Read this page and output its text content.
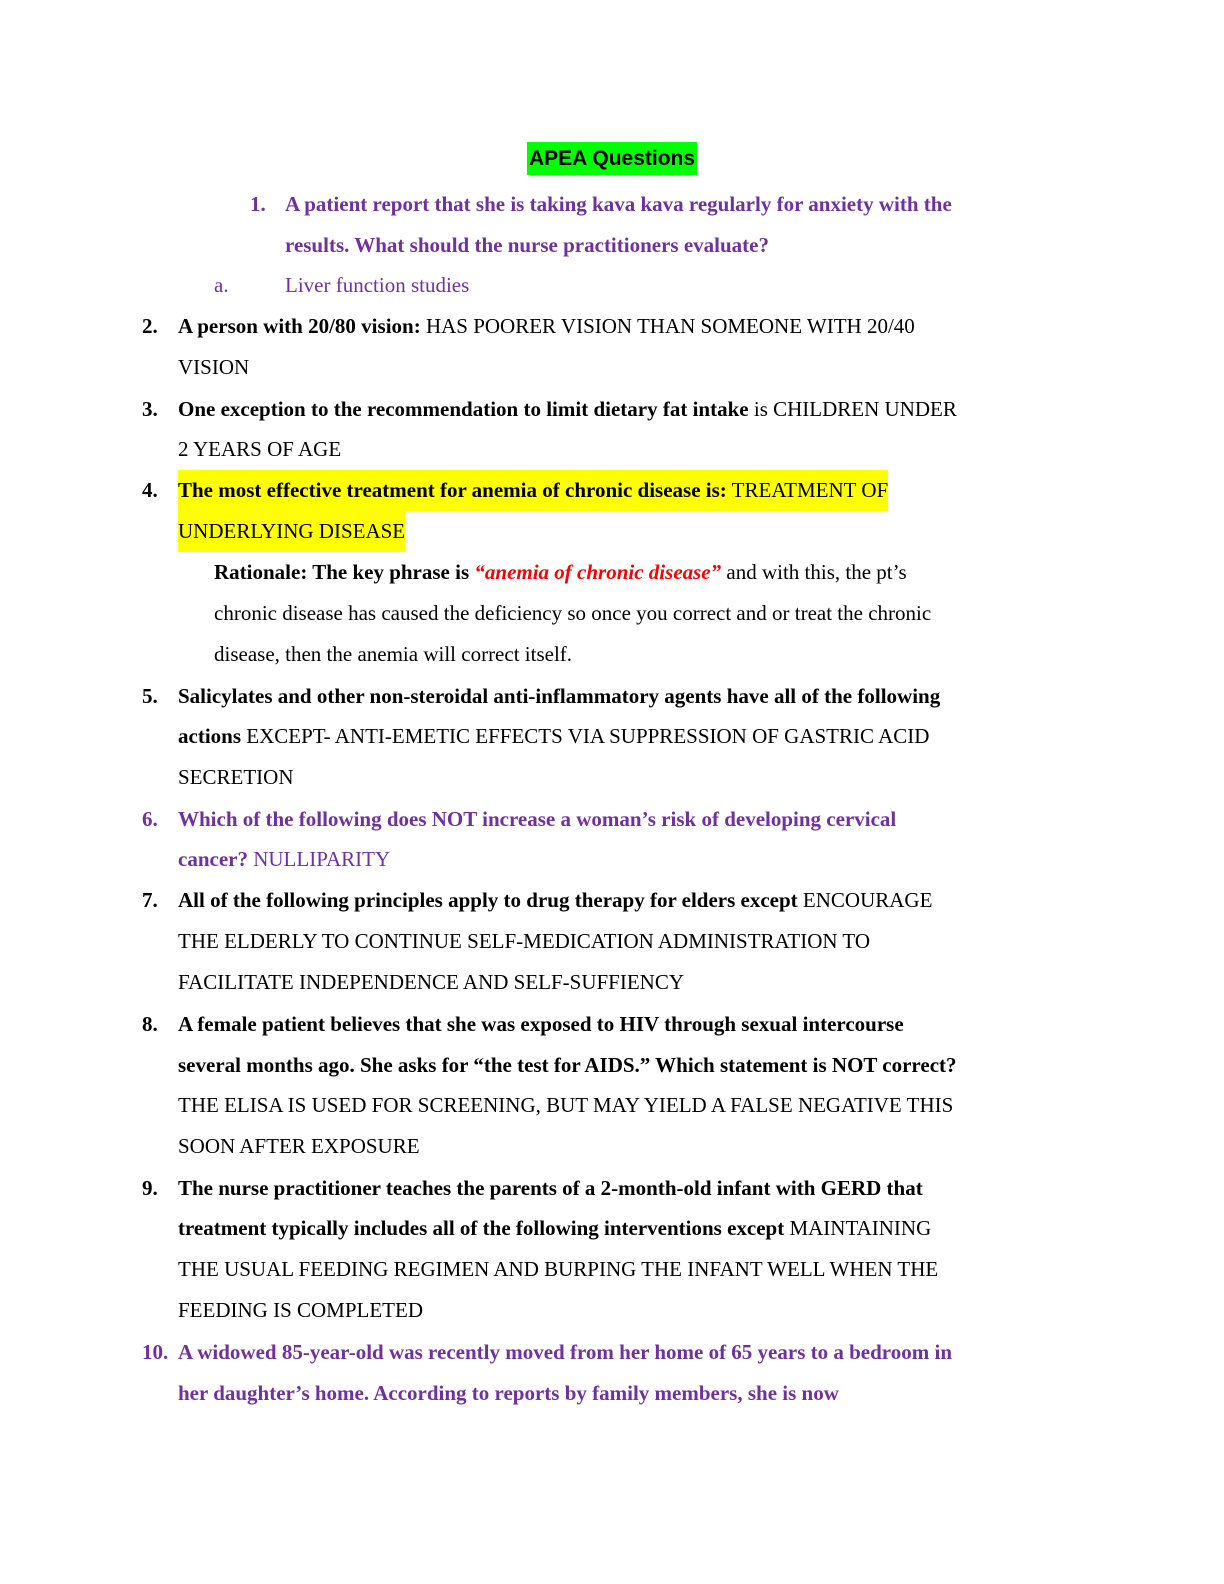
APEA Questions
1. A patient report that she is taking kava kava regularly for anxiety with the
results. What should the nurse practitioners evaluate?
a.	Liver function studies
2. A person with 20/80 vision: HAS POORER VISION THAN SOMEONE WITH 20/40
VISION
3. One exception to the recommendation to limit dietary fat intake is CHILDREN UNDER
2 YEARS OF AGE
4. The most effective treatment for anemia of chronic disease is: TREATMENT OF
UNDERLYING DISEASE
Rationale: The key phrase is “anemia of chronic disease” and with this, the pt’s
chronic disease has caused the deficiency so once you correct and or treat the chronic
disease, then the anemia will correct itself.
5. Salicylates and other non-steroidal anti-inflammatory agents have all of the following
actions EXCEPT- ANTI-EMETIC EFFECTS VIA SUPPRESSION OF GASTRIC ACID
SECRETION
6. Which of the following does NOT increase a woman’s risk of developing cervical
cancer? NULLIPARITY
7. All of the following principles apply to drug therapy for elders except ENCOURAGE
THE ELDERLY TO CONTINUE SELF-MEDICATION ADMINISTRATION TO
FACILITATE INDEPENDENCE AND SELF-SUFFIENCY
8. A female patient believes that she was exposed to HIV through sexual intercourse
several months ago. She asks for “the test for AIDS.” Which statement is NOT correct?
THE ELISA IS USED FOR SCREENING, BUT MAY YIELD A FALSE NEGATIVE THIS
SOON AFTER EXPOSURE
9. The nurse practitioner teaches the parents of a 2-month-old infant with GERD that
treatment typically includes all of the following interventions except MAINTAINING
THE USUAL FEEDING REGIMEN AND BURPING THE INFANT WELL WHEN THE
FEEDING IS COMPLETED
10. A widowed 85-year-old was recently moved from her home of 65 years to a bedroom in
her daughter’s home. According to reports by family members, she is now
